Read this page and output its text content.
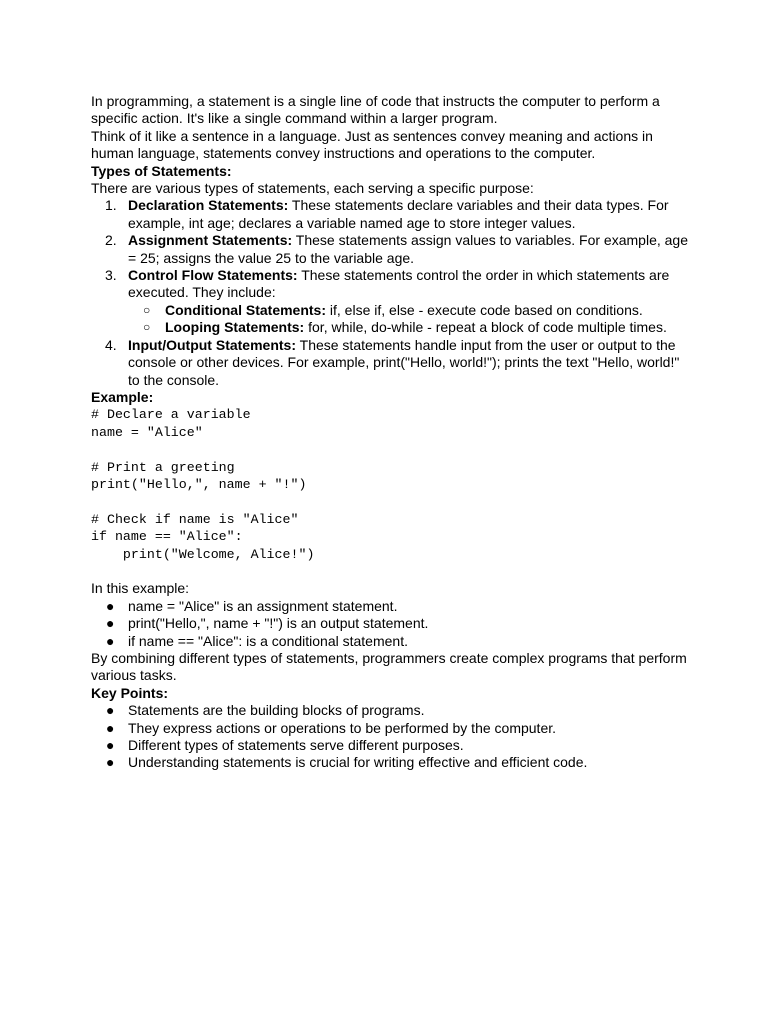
In programming, a statement is a single line of code that instructs the computer to perform a specific action. It's like a single command within a larger program.

Think of it like a sentence in a language. Just as sentences convey meaning and actions in human language, statements convey instructions and operations to the computer.

Types of Statements:

There are various types of statements, each serving a specific purpose:

1. Declaration Statements: These statements declare variables and their data types. For example, int age; declares a variable named age to store integer values.
2. Assignment Statements: These statements assign values to variables. For example, age = 25; assigns the value 25 to the variable age.
3. Control Flow Statements: These statements control the order in which statements are executed. They include:
○ Conditional Statements: if, else if, else - execute code based on conditions.
○ Looping Statements: for, while, do-while - repeat a block of code multiple times.
4. Input/Output Statements: These statements handle input from the user or output to the console or other devices. For example, print("Hello, world!"); prints the text "Hello, world!" to the console.

Example:

# Declare a variable
name = "Alice"
# Print a greeting
print("Hello,", name + "!")
# Check if name is "Alice"
if name == "Alice":
print("Welcome, Alice!")

In this example:

● name = "Alice" is an assignment statement.
● print("Hello,", name + "!") is an output statement.
● if name == "Alice": is a conditional statement.

By combining different types of statements, programmers create complex programs that perform various tasks.

Key Points:

● Statements are the building blocks of programs.
● They express actions or operations to be performed by the computer.
● Different types of statements serve different purposes.
● Understanding statements is crucial for writing effective and efficient code.
